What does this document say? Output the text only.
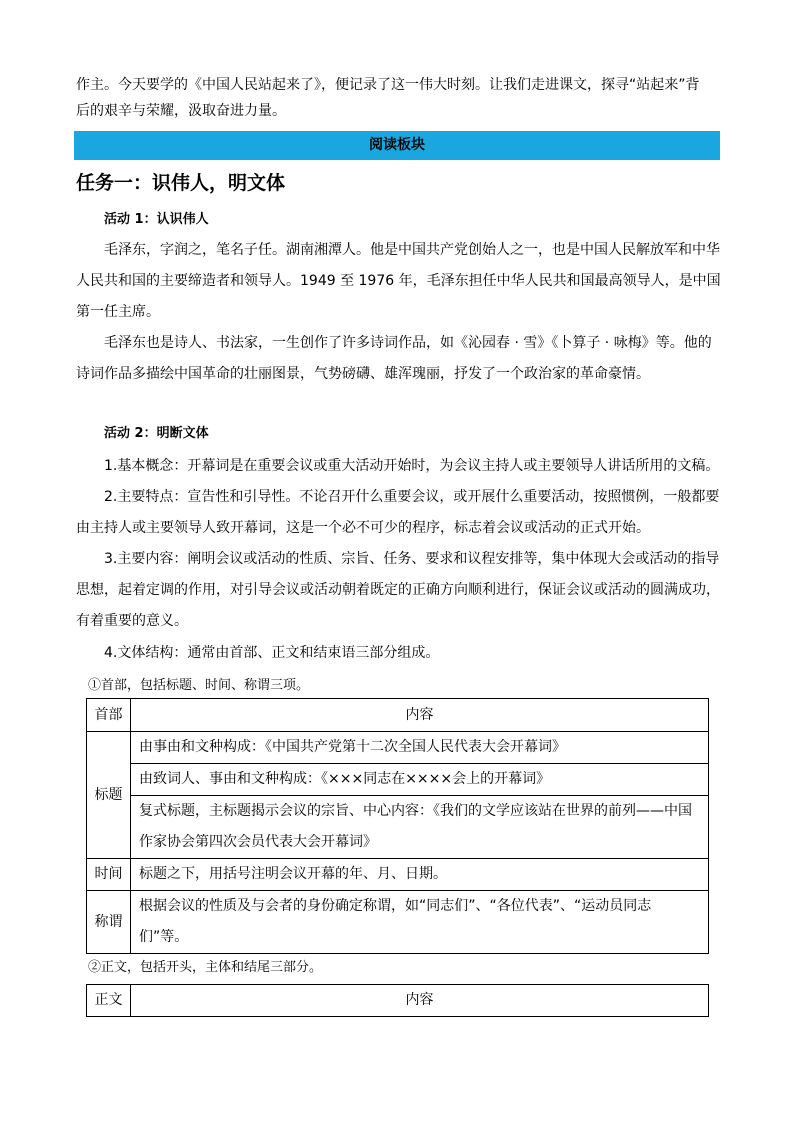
作主。今天要学的《中国人民站起来了》，便记录了这一伟大时刻。让我们走进课文，探寻“站起来”背

后的艰辛与荣耀，汲取奋进力量。

阅读板块
任务一：识伟人，明文体
活动 1：认识伟人

毛泽东，字润之，笔名子任。湖南湘潭人。他是中国共产党创始人之一，也是中国人民解放军和中华人民共和国的主要缔造者和领导人。1949 至 1976 年，毛泽东担任中华人民共和国最高领导人，是中国第一任主席。

毛泽东也是诗人、书法家，一生创作了许多诗词作品，如《沁园春 · 雪》《卜算子 · 咏梅》等。他的诗词作品多描绘中国革命的壮丽图景，气势磅礴、雄浑瑰丽，抒发了一个政治家的革命豪情。

活动 2：明断文体

1.基本概念：开幕词是在重要会议或重大活动开始时，为会议主持人或主要领导人讲话所用的文稿。

2.主要特点：宣告性和引导性。不论召开什么重要会议，或开展什么重要活动，按照惯例，一般都要由主持人或主要领导人致开幕词，这是一个必不可少的程序，标志着会议或活动的正式开始。

3.主要内容：阐明会议或活动的性质、宗旨、任务、要求和议程安排等，集中体现大会或活动的指导思想，起着定调的作用，对引导会议或活动朝着既定的正确方向顺利进行，保证会议或活动的圆满成功，有着重要的意义。

4.文体结构：通常由首部、正文和结束语三部分组成。

①首部，包括标题、时间、称谓三项。
首部	内容
标题	由事由和文种构成：《中国共产党第十二次全国人民代表大会开幕词》
	由致词人、事由和文种构成：《×××同志在××××会上的开幕词》
	复式标题，主标题揭示会议的宗旨、中心内容：《我们的文学应该站在世界的前列——中国作家协会第四次会员代表大会开幕词》
时间	标题之下，用括号注明会议开幕的年、月、日期。
称谓	根据会议的性质及与会者的身份确定称谓，如“同志们”、“各位代表”、“运动员同志们”等。
②正文，包括开头，主体和结尾三部分。
正文	内容
